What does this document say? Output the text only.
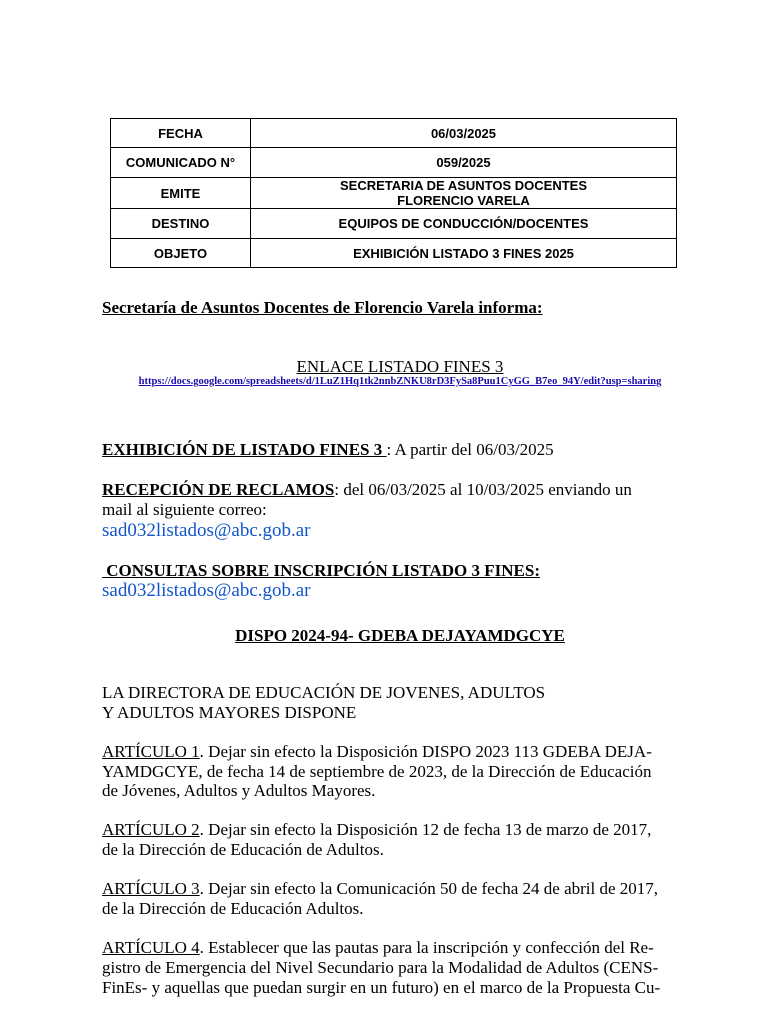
FECHA	06/03/2025
COMUNICADO N°	059/2025
EMITE	SECRETARIA DE ASUNTOS DOCENTES
FLORENCIO VARELA

DESTINO	EQUIPOS DE CONDUCCIÓN/DOCENTES
OBJETO	EXHIBICIÓN LISTADO 3 FINES 2025
Secretaría de Asuntos Docentes de Florencio Varela informa:
ENLACE LISTADO FINES 3
https://docs.google.com/spreadsheets/d/1LuZ1Hq1tk2nnbZNKU8rD3FySa8Puu1CyGG_B7eo_94Y/edit?usp=sharing
EXHIBICIÓN DE LISTADO FINES 3 : A partir del 06/03/2025
RECEPCIÓN DE RECLAMOS: del 06/03/2025 al 10/03/2025 enviando un
mail al siguiente correo:
sad032listados@abc.gob.ar
CONSULTAS SOBRE INSCRIPCIÓN LISTADO 3 FINES:
sad032listados@abc.gob.ar
DISPO 2024-94- GDEBA DEJAYAMDGCYE
LA DIRECTORA DE EDUCACIÓN DE JOVENES, ADULTOS
Y ADULTOS MAYORES DISPONE
ARTÍCULO 1. Dejar sin efecto la Disposición DISPO 2023 113 GDEBA DEJA-
YAMDGCYE, de fecha 14 de septiembre de 2023, de la Dirección de Educación
de Jóvenes, Adultos y Adultos Mayores.
ARTÍCULO 2. Dejar sin efecto la Disposición 12 de fecha 13 de marzo de 2017,
de la Dirección de Educación de Adultos.
ARTÍCULO 3. Dejar sin efecto la Comunicación 50 de fecha 24 de abril de 2017,
de la Dirección de Educación Adultos.
ARTÍCULO 4. Establecer que las pautas para la inscripción y confección del Re-
gistro de Emergencia del Nivel Secundario para la Modalidad de Adultos (CENS-
FinEs- y aquellas que puedan surgir en un futuro) en el marco de la Propuesta Cu-
